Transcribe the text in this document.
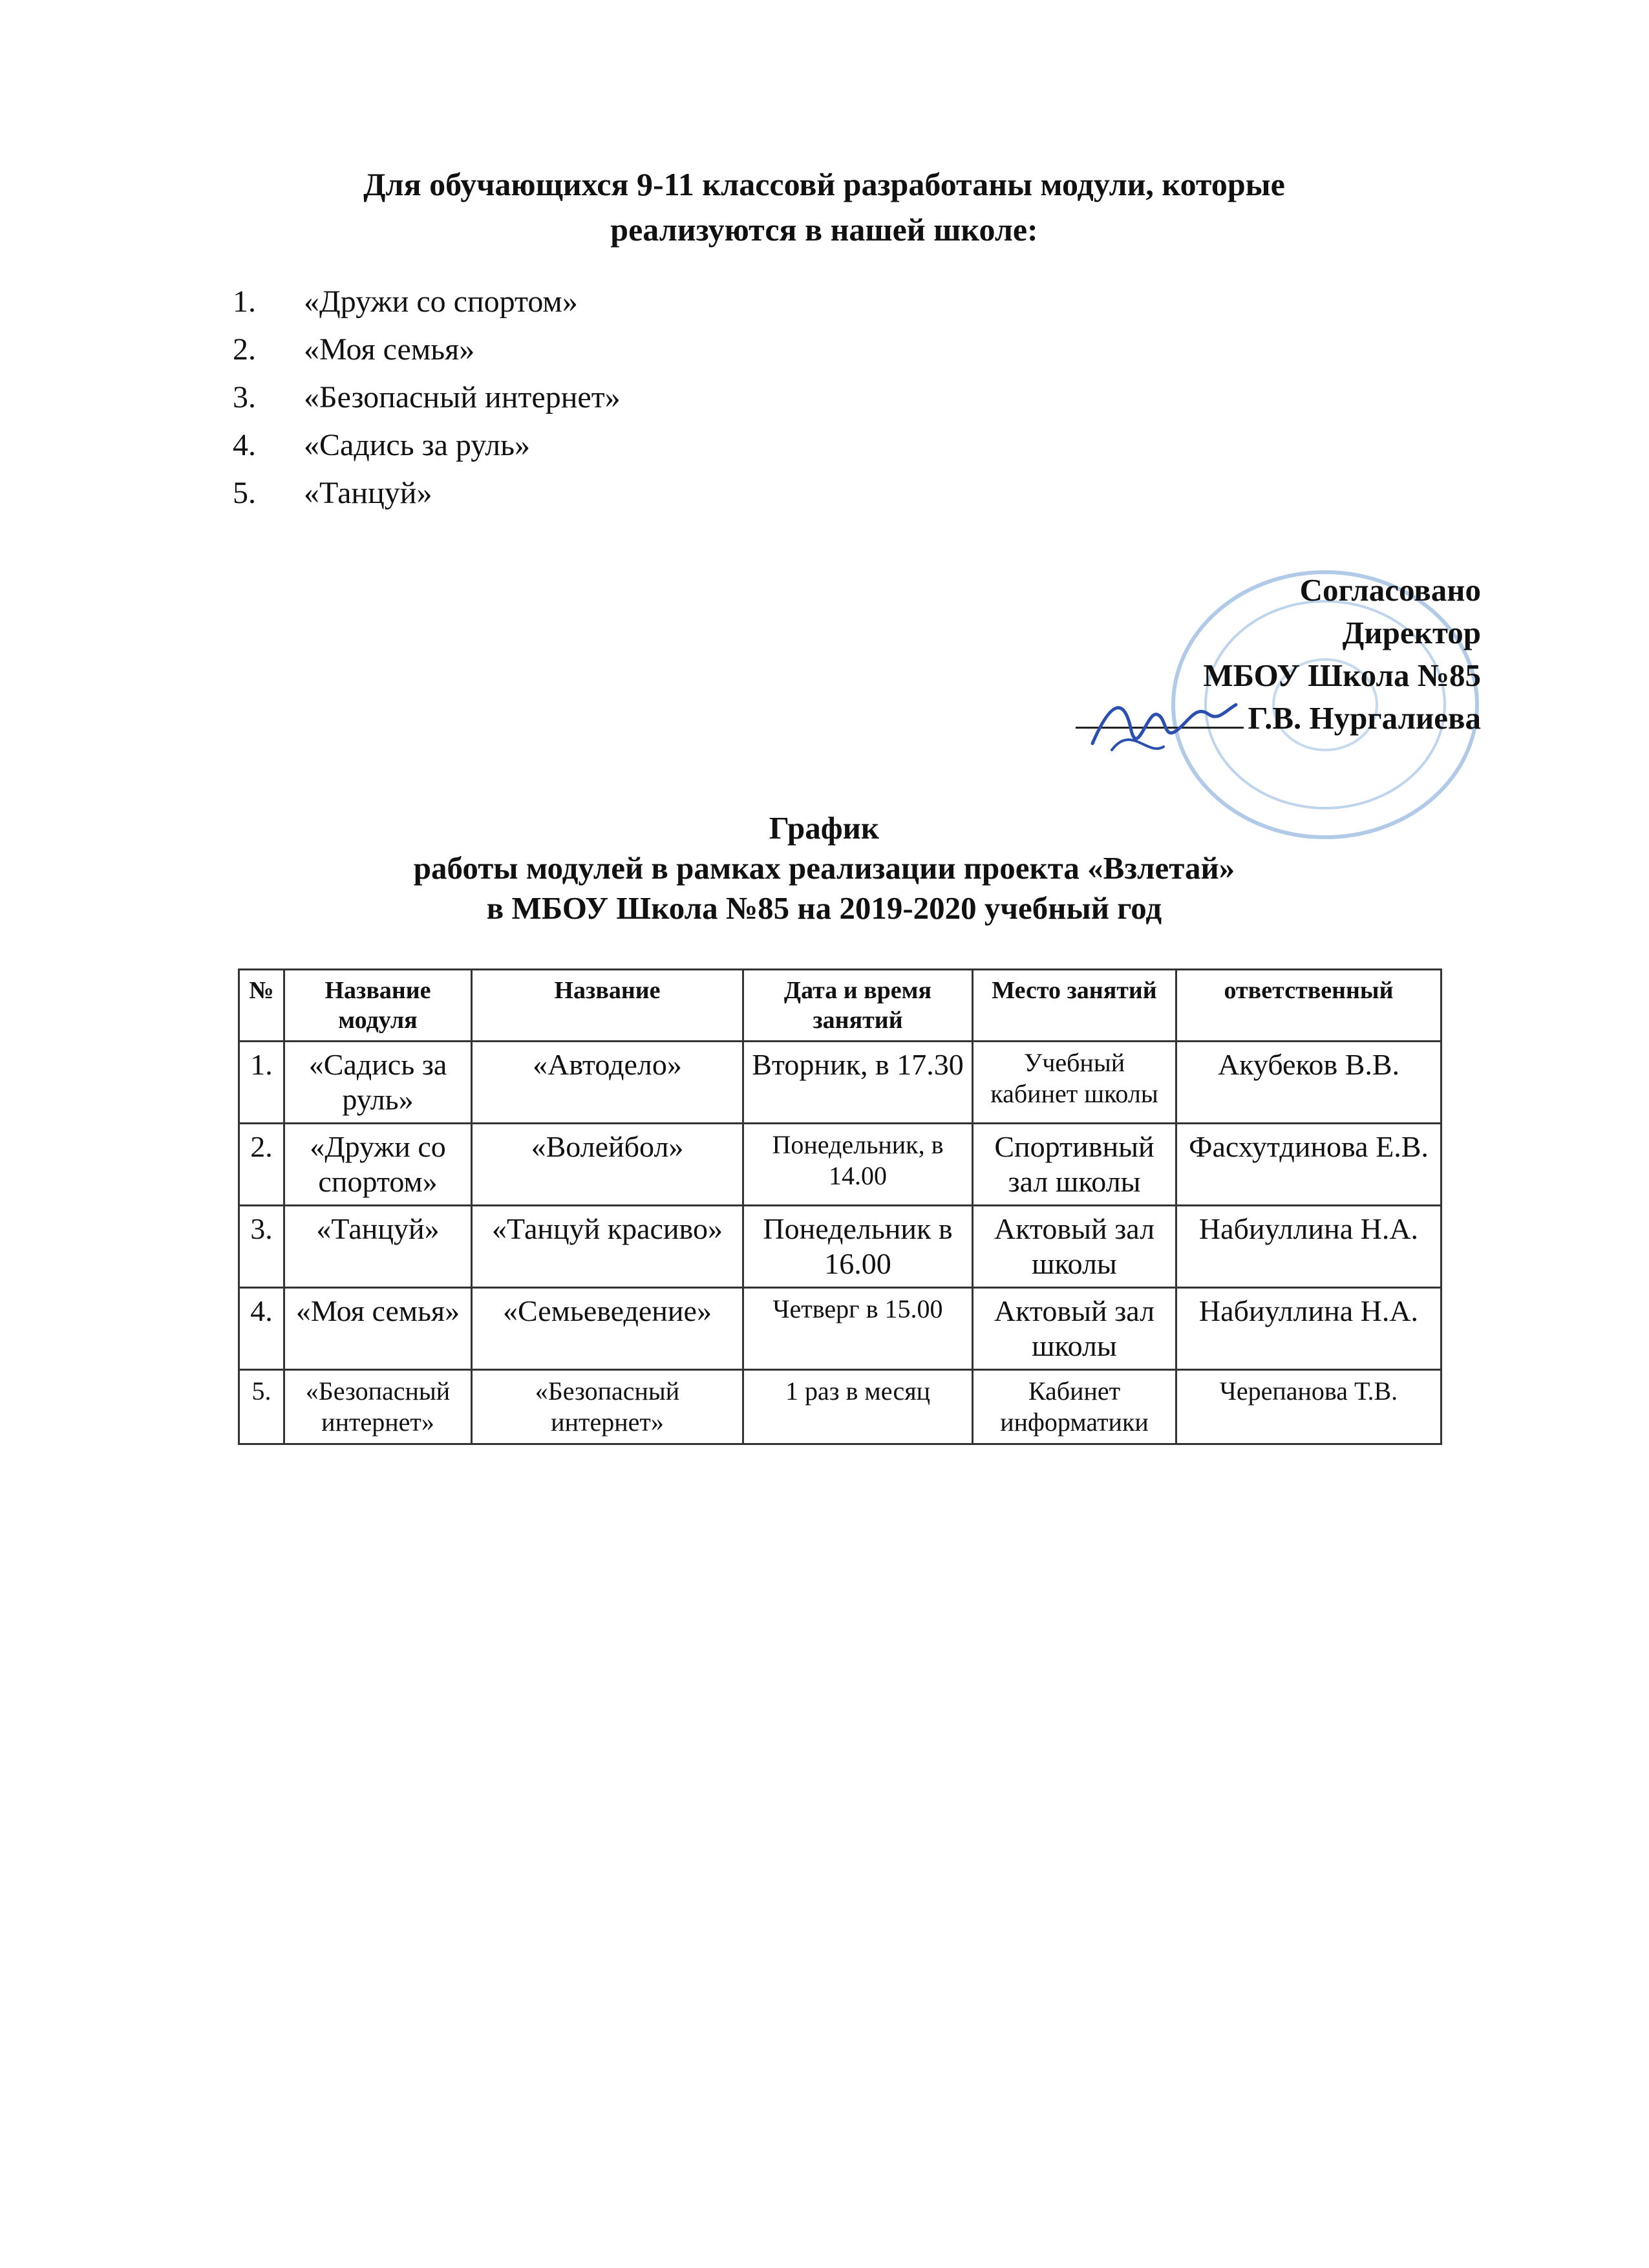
Для обучающихся 9-11 классовй разработаны модули, которые
реализуются в нашей школе:
1. «Дружи со спортом»
2. «Моя семья»
3. «Безопасный интернет»
4. «Садись за руль»
5. «Танцуй»
Согласовано
Директор
МБОУ Школа №85
Г.В. Нургалиева
График
работы модулей в рамках реализации проекта «Взлетай»
в МБОУ Школа №85 на 2019-2020 учебный год
№	Название модуля	Название	Дата и время занятий	Место занятий	ответственный
1.	«Садись за руль»	«Автодело»	Вторник, в 17.30	Учебный кабинет школы	Акубеков В.В.
2.	«Дружи со спортом»	«Волейбол»	Понедельник, в 14.00	Спортивный зал школы	Фасхутдинова Е.В.
3.	«Танцуй»	«Танцуй красиво»	Понедельник в 16.00	Актовый зал школы	Набиуллина Н.А.
4.	«Моя семья»	«Семьеведение»	Четверг в 15.00	Актовый зал школы	Набиуллина Н.А.
5.	«Безопасный интернет»	«Безопасный интернет»	1 раз в месяц	Кабинет информатики	Черепанова Т.В.
